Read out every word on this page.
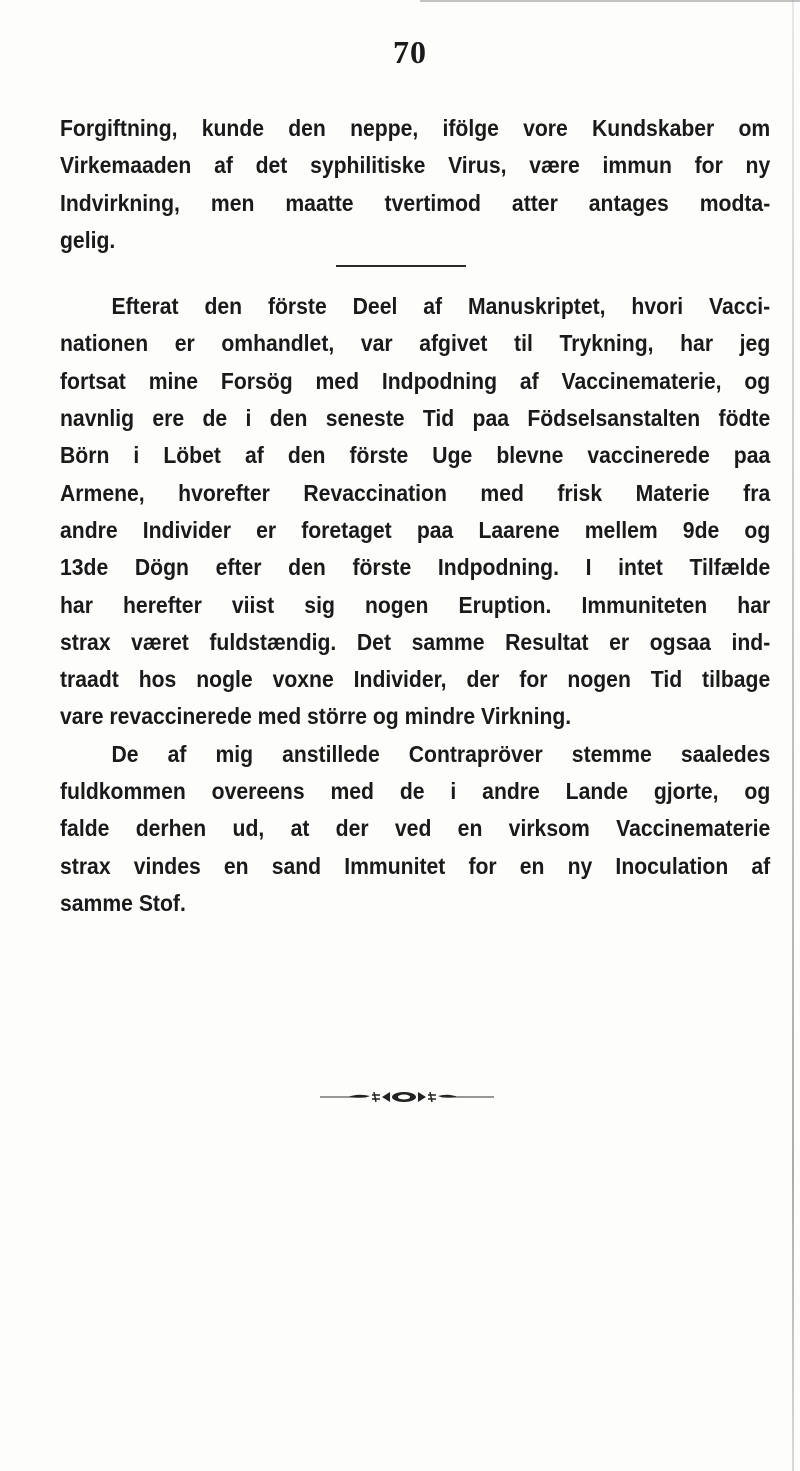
70
Forgiftning, kunde den neppe, ifölge vore Kundskaber om
Virkemaaden af det syphilitiske Virus, være immun for ny
Indvirkning, men maatte tvertimod atter antages modta-
gelig.
Efterat den förste Deel af Manuskriptet, hvori Vacci-
nationen er omhandlet, var afgivet til Trykning, har jeg
fortsat mine Forsög med Indpodning af Vaccinematerie, og
navnlig ere de i den seneste Tid paa Födselsanstalten födte
Börn i Löbet af den förste Uge blevne vaccinerede paa
Armene, hvorefter Revaccination med frisk Materie fra
andre Individer er foretaget paa Laarene mellem 9de og
13de Dögn efter den förste Indpodning. I intet Tilfælde
har herefter viist sig nogen Eruption. Immuniteten har
strax været fuldstændig. Det samme Resultat er ogsaa ind-
traadt hos nogle voxne Individer, der for nogen Tid tilbage
vare revaccinerede med större og mindre Virkning.
De af mig anstillede Contrapröver stemme saaledes
fuldkommen overeens med de i andre Lande gjorte, og
falde derhen ud, at der ved en virksom Vaccinematerie
strax vindes en sand Immunitet for en ny Inoculation af
samme Stof.
